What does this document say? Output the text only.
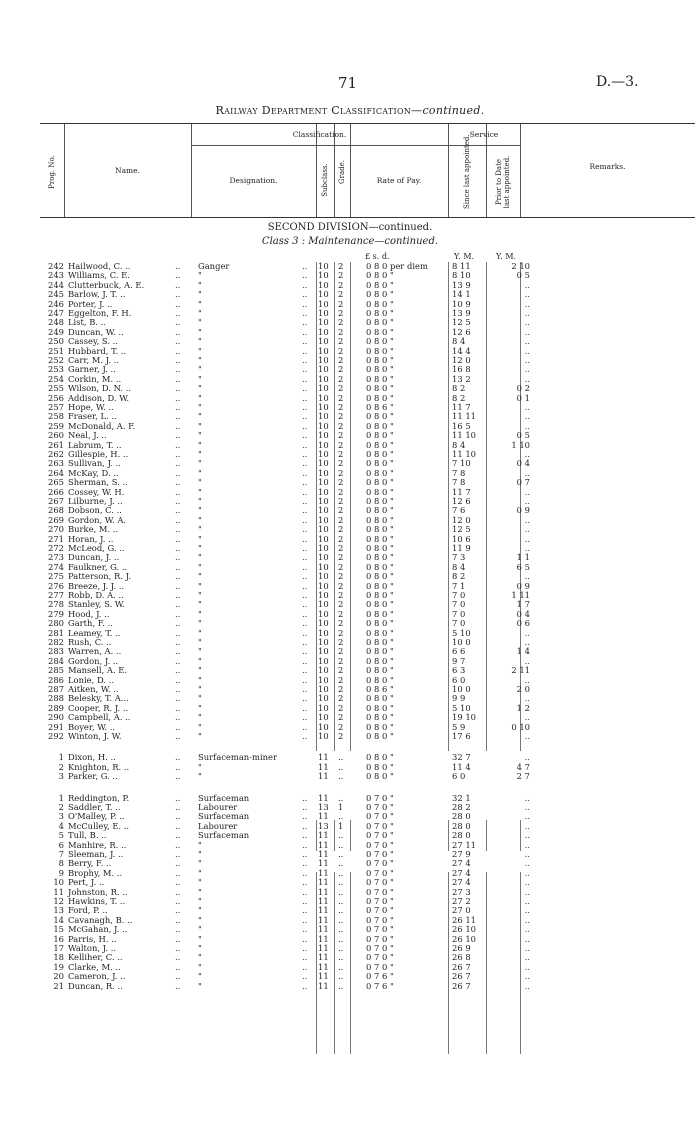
71	D.—3.
Railway Department Classification—continued.
Classification.	Service
Name.
Designation.	Rate of Pay.
Remarks.
Prog. No.	Subclass. Grade.	Since last appointed.	Prior to Date last appointed.
SECOND DIVISION—continued.
Class 3 : Maintenance—continued.
£ s. d.	Y. M.	Y. M.
242 Hailwood, C. ..	.. Ganger	.. 10 2	0 8 0 per diem	8 11	2 10
243 Williams, C. E.	.. "	.. 10 2	0 8 0 "	8 10	0 5
244 Clutterbuck, A. E.	.. "	.. 10 2	0 8 0 "	13 9	..
245 Barlow, J. T. ..	.. "	.. 10 2	0 8 0 "	14 1	..
246 Porter, J. ..	.. "	.. 10 2	0 8 0 "	10 9	..
247 Eggelton, F. H.	.. "	.. 10 2	0 8 0 "	13 9	..
248 List, B. ..	.. "	.. 10 2	0 8 0 "	12 5	..
249 Duncan, W. ..	.. "	.. 10 2	0 8 0 "	12 6	..
250 Cassey, S. ..	.. "	.. 10 2	0 8 0 "	8 4	..
251 Hubbard, T. ..	.. "	.. 10 2	0 8 0 "	14 4	..
252 Carr, M. J. ..	.. "	.. 10 2	0 8 0 "	12 0	..
253 Garner, J. ..	.. "	.. 10 2	0 8 0 "	16 8	..
254 Corkin, M. ..	.. "	.. 10 2	0 8 0 "	13 2	..
255 Wilson, D. N. ..	.. "	.. 10 2	0 8 0 "	8 2	0 2
256 Addison, D. W.	.. "	.. 10 2	0 8 0 "	8 2	0 1
257 Hope, W. ..	.. "	.. 10 2	0 8 6 "	11 7	..
258 Fraser, L. ..	.. "	.. 10 2	0 8 0 "	11 11	..
259 McDonald, A. F.	.. "	.. 10 2	0 8 0 "	16 5	..
260 Neal, J. ..	.. "	.. 10 2	0 8 0 "	11 10	0 5
261 Labrum, T. ..	.. "	.. 10 2	0 8 0 "	8 4	1 10
262 Gillespie, H. ..	.. "	.. 10 2	0 8 0 "	11 10	..
263 Sullivan, J. ..	.. "	.. 10 2	0 8 0 "	7 10	0 4
264 McKay, D. ..	.. "	.. 10 2	0 8 0 "	7 8	..
265 Sherman, S. ..	.. "	.. 10 2	0 8 0 "	7 8	0 7
266 Cossey, W. H.	.. "	.. 10 2	0 8 0 "	11 7	..
267 Lilburne, J. ..	.. "	.. 10 2	0 8 0 "	12 6	..
268 Dobson, C. ..	.. "	.. 10 2	0 8 0 "	7 6	0 9
269 Gordon, W. A.	.. "	.. 10 2	0 8 0 "	12 0	..
270 Burke, M. ..	.. "	.. 10 2	0 8 0 "	12 5	..
271 Horan, J. ..	.. "	.. 10 2	0 8 0 "	10 6	..
272 McLeod, G. ..	.. "	.. 10 2	0 8 0 "	11 9	..
273 Duncan, J. ..	.. "	.. 10 2	0 8 0 "	7 3	1 1
274 Faulkner, G. ..	.. "	.. 10 2	0 8 0 "	8 4	6 5
275 Patterson, R. J.	.. "	.. 10 2	0 8 0 "	8 2	..
276 Breeze, J. J. ..	.. "	.. 10 2	0 8 0 "	7 1	0 9
277 Robb, D. A. ..	.. "	.. 10 2	0 8 0 "	7 0	1 11
278 Stanley, S. W.	.. "	.. 10 2	0 8 0 "	7 0	1 7
279 Hood, J. ..	.. "	.. 10 2	0 8 0 "	7 0	0 4
280 Garth, F. ..	.. "	.. 10 2	0 8 0 "	7 0	0 6
281 Leamey, T. ..	.. "	.. 10 2	0 8 0 "	5 10	..
282 Rush, C. ..	.. "	.. 10 2	0 8 0 "	10 0	..
283 Warren, A. ..	.. "	.. 10 2	0 8 0 "	6 6	1 4
284 Gordon, J. ..	.. "	.. 10 2	0 8 0 "	9 7	..
285 Mansell, A. E.	.. "	.. 10 2	0 8 0 "	6 3	2 11
286 Lonie, D. ..	.. "	.. 10 2	0 8 0 "	6 0	..
287 Aitken, W. ..	.. "	.. 10 2	0 8 6 "	10 0	2 0
288 Belesky, T. A...	.. "	.. 10 2	0 8 0 "	9 9	..
289 Cooper, R. J. ..	.. "	.. 10 2	0 8 0 "	5 10	1 2
290 Campbell, A. ..	.. "	.. 10 2	0 8 0 "	19 10	..
291 Boyer, W. ..	.. "	.. 10 2	0 8 0 "	5 9	0 10
292 Winton, J. W.	.. "	.. 10 2	0 8 0 "	17 6	..
1 Dixon, H. ..	.. Surfaceman-miner	11 ..	0 8 0 "	32 7	..
2 Knighton, R. ..	.. "	11 ..	0 8 0 "	11 4	4 7
3 Parker, G. ..	.. "	11 ..	0 8 0 "	6 0	2 7
1 Reddington, P.	.. Surfaceman	.. 11 ..	0 7 0 "	32 1	..
2 Saddler, T. ..	.. Labourer	.. 13 1	0 7 0 "	28 2	..
3 O'Malley, P. ..	.. Surfaceman	.. 11 ..	0 7 0 "	28 0	..
4 McCulley, E. ..	.. Labourer	.. 13 1	0 7 0 "	28 0	..
5 Tull, B. ..	.. Surfaceman	.. 11 ..	0 7 0 "	28 0	..
6 Manhire, R. ..	.. "	.. 11 ..	0 7 0 "	27 11	..
7 Sleeman, J. ..	.. "	.. 11 ..	0 7 0 "	27 9	..
8 Berry, F. ..	.. "	.. 11 ..	0 7 0 "	27 4	..
9 Brophy, M. ..	.. "	.. 11 ..	0 7 0 "	27 4	..
10 Pert, J. ..	.. "	.. 11 ..	0 7 0 "	27 4	..
11 Johnston, R. ..	.. "	.. 11 ..	0 7 0 "	27 3	..
12 Hawkins, T. ..	.. "	.. 11 ..	0 7 0 "	27 2	..
13 Ford, P. ..	.. "	.. 11 ..	0 7 0 "	27 0	..
14 Cavanagh, B. ..	.. "	.. 11 ..	0 7 0 "	26 11	..
15 McGahan, J. ..	.. "	.. 11 ..	0 7 0 "	26 10	..
16 Parris, H. ..	.. "	.. 11 ..	0 7 0 "	26 10	..
17 Walton, J. ..	.. "	.. 11 ..	0 7 0 "	26 9	..
18 Kelliher, C. ..	.. "	.. 11 ..	0 7 0 "	26 8	..
19 Clarke, M. ..	.. "	.. 11 ..	0 7 0 "	26 7	..
20 Cameron, J. ..	.. "	.. 11 ..	0 7 6 "	26 7	..
21 Duncan, R. ..	.. "	.. 11 ..	0 7 6 "	26 7	..
